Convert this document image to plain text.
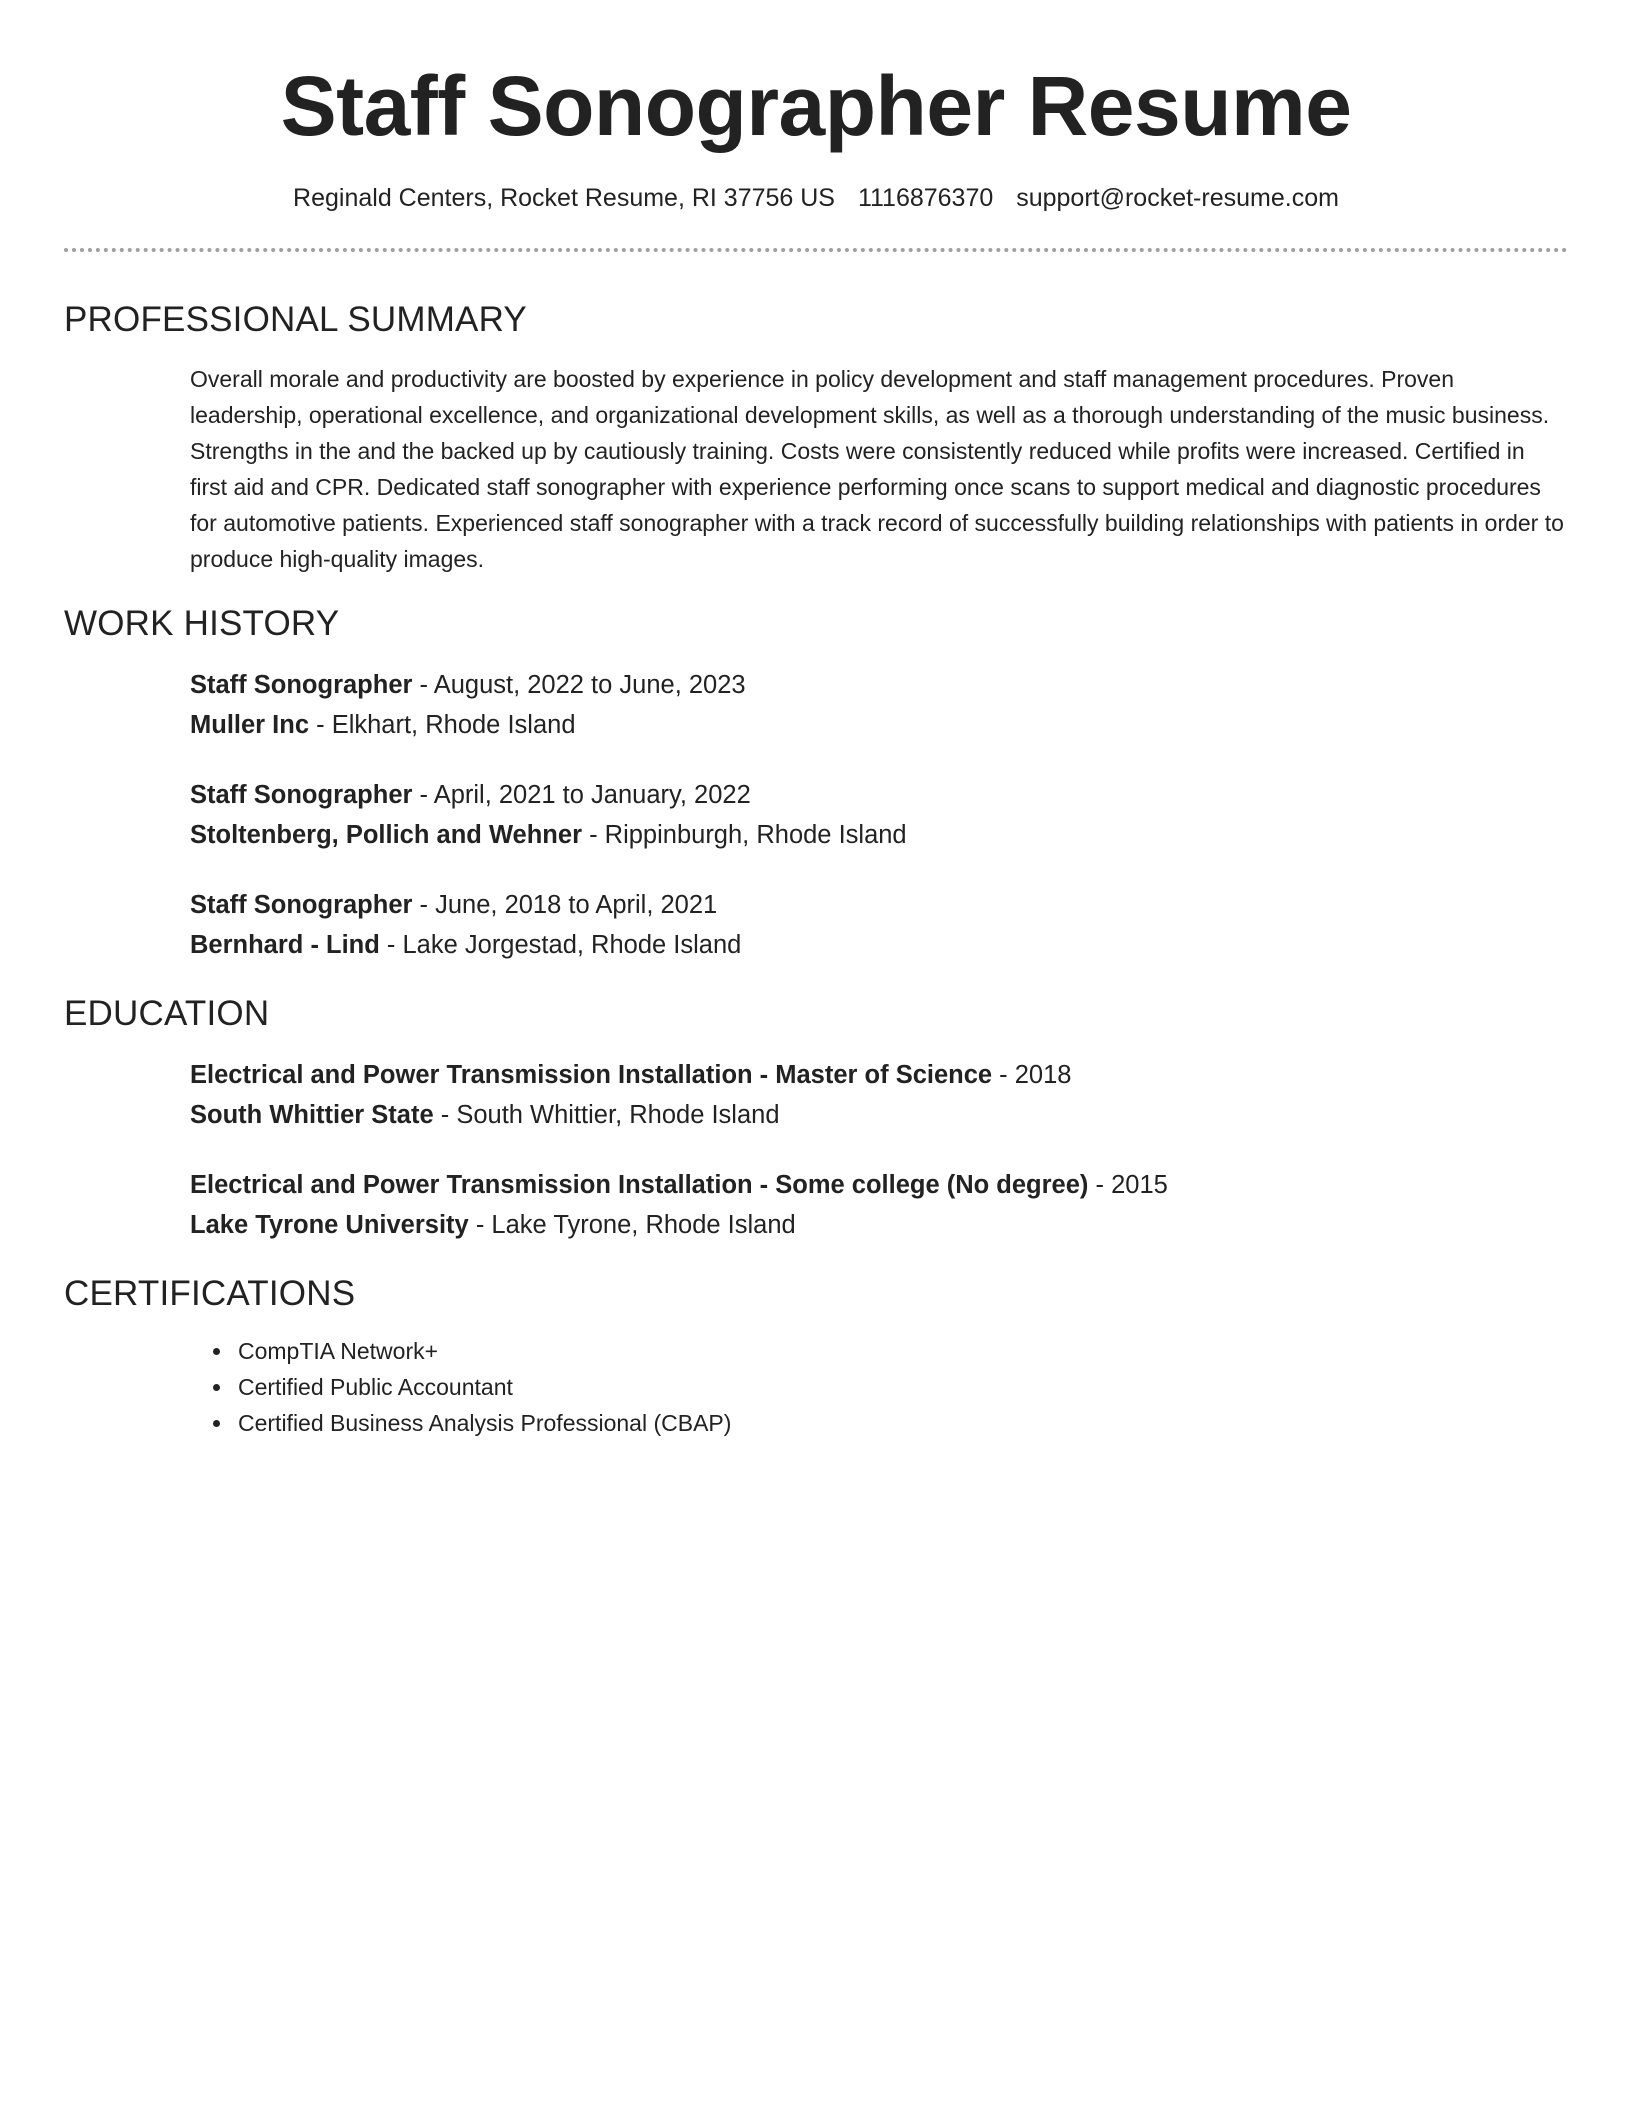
Staff Sonographer Resume
Reginald Centers, Rocket Resume, RI 37756 US 1116876370 support@rocket-resume.com
PROFESSIONAL SUMMARY

Overall morale and productivity are boosted by experience in policy development and staff management procedures. Proven leadership, operational excellence, and organizational development skills, as well as a thorough understanding of the music business. Strengths in the and the backed up by cautiously training. Costs were consistently reduced while profits were increased. Certified in first aid and CPR. Dedicated staff sonographer with experience performing once scans to support medical and diagnostic procedures for automotive patients. Experienced staff sonographer with a track record of successfully building relationships with patients in order to produce high-quality images.

WORK HISTORY
Staff Sonographer - August, 2022 to June, 2023
Muller Inc - Elkhart, Rhode Island
Staff Sonographer - April, 2021 to January, 2022
Stoltenberg, Pollich and Wehner - Rippinburgh, Rhode Island
Staff Sonographer - June, 2018 to April, 2021
Bernhard - Lind - Lake Jorgestad, Rhode Island
EDUCATION
Electrical and Power Transmission Installation - Master of Science - 2018
South Whittier State - South Whittier, Rhode Island
Electrical and Power Transmission Installation - Some college (No degree) - 2015
Lake Tyrone University - Lake Tyrone, Rhode Island
CERTIFICATIONS
• CompTIA Network+
• Certified Public Accountant
• Certified Business Analysis Professional (CBAP)
